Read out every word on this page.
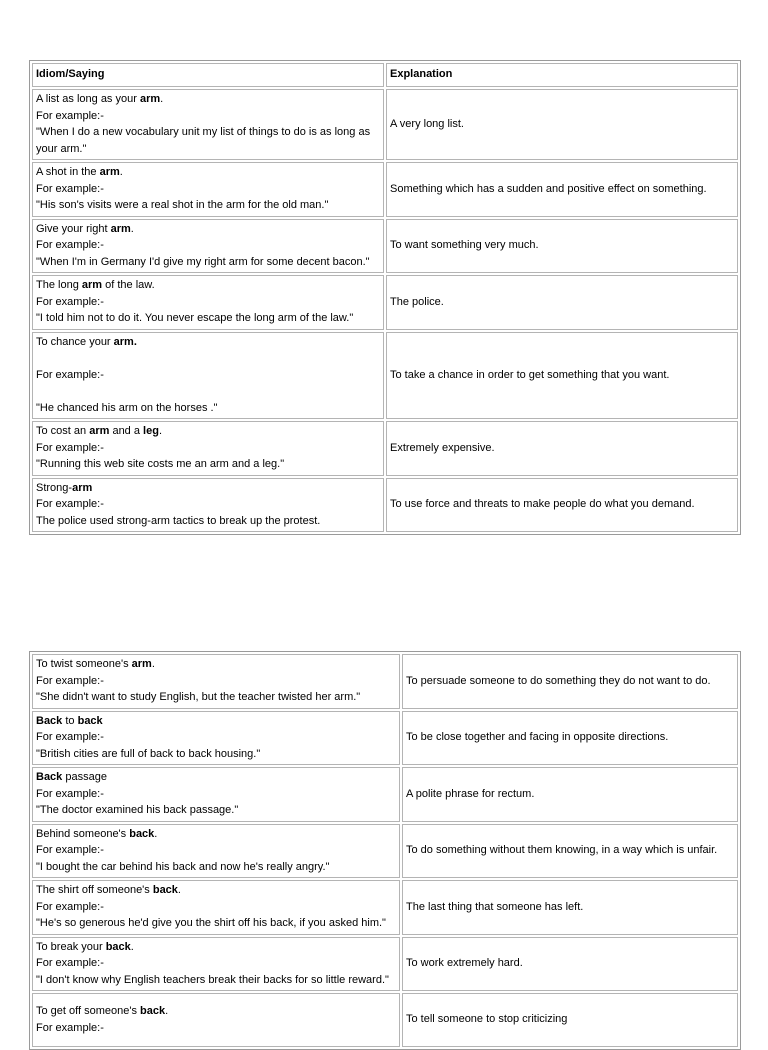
Idiom/Saying	Explanation

A list as long as your arm.
For example:-
"When I do a new vocabulary unit my list of things to do is as long as your arm."	A very long list.

A shot in the arm.
For example:-
"His son's visits were a real shot in the arm for the old man."	Something which has a sudden and positive effect on something.

Give your right arm.
For example:-
"When I'm in Germany I'd give my right arm for some decent bacon."	To want something very much.

The long arm of the law.
For example:-
"I told him not to do it. You never escape the long arm of the law."	The police.

To chance your arm.
For example:-
"He chanced his arm on the horses ."	To take a chance in order to get something that you want.

To cost an arm and a leg.
For example:-
"Running this web site costs me an arm and a leg."	Extremely expensive.

Strong-arm
For example:-
The police used strong-arm tactics to break up the protest.	To use force and threats to make people do what you demand.
To twist someone's arm.
For example:-
"She didn't want to study English, but the teacher twisted her arm."	To persuade someone to do something they do not want to do.

Back to back
For example:-
"British cities are full of back to back housing."	To be close together and facing in opposite directions.

Back passage
For example:-
"The doctor examined his back passage."	A polite phrase for rectum.

Behind someone's back.
For example:-
"I bought the car behind his back and now he's really angry."	To do something without them knowing, in a way which is unfair.

The shirt off someone's back.
For example:-
"He's so generous he'd give you the shirt off his back, if you asked him."	The last thing that someone has left.

To break your back.
For example:-
"I don't know why English teachers break their backs for so little reward."	To work extremely hard.

To get off someone's back.
For example:-	To tell someone to stop criticizing
